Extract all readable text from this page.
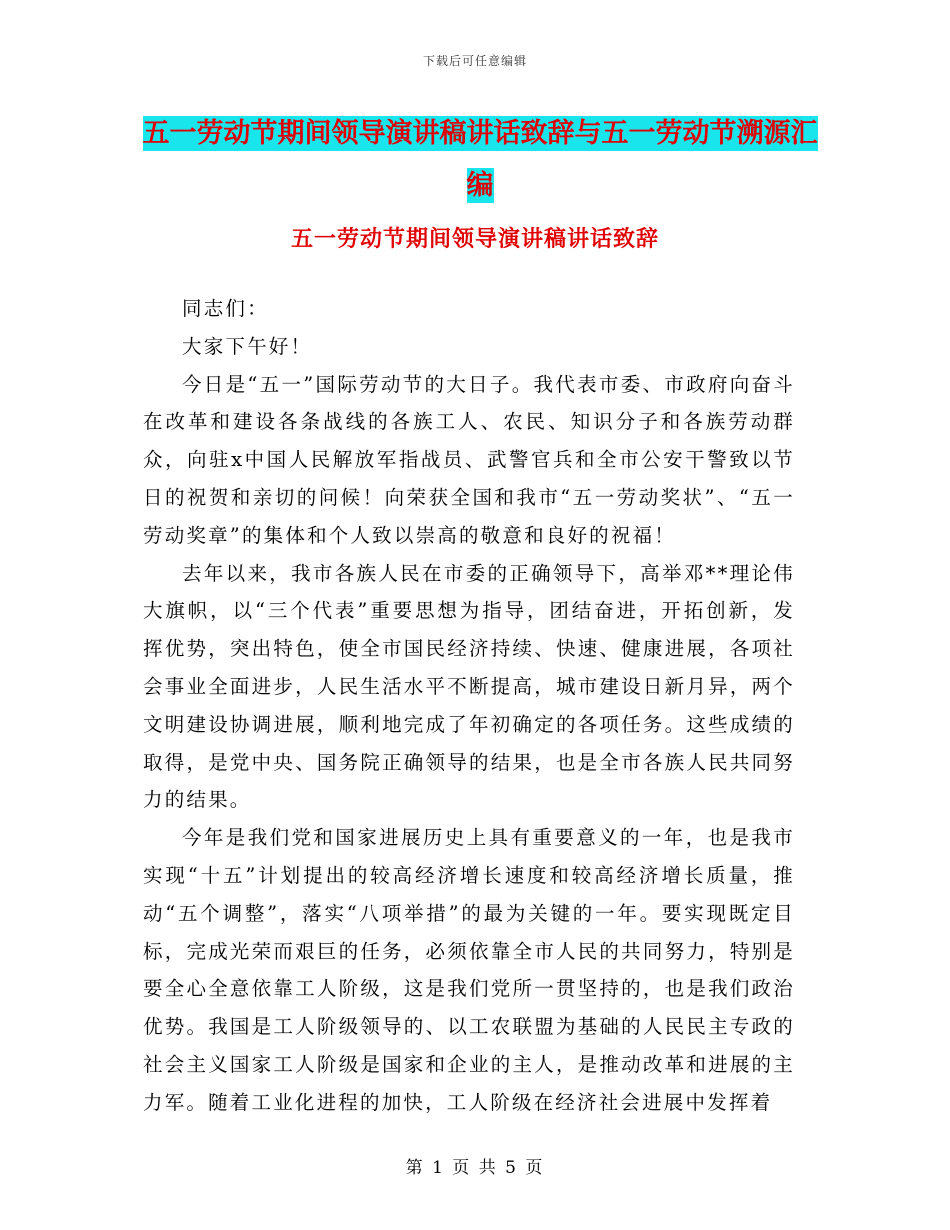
下载后可任意编辑
五一劳动节期间领导演讲稿讲话致辞与五一劳动节溯源汇编
五一劳动节期间领导演讲稿讲话致辞

同志们：

大家下午好！

今日是“五一”国际劳动节的大日子。我代表市委、市政府向奋斗在改革和建设各条战线的各族工人、农民、知识分子和各族劳动群众，向驻x中国人民解放军指战员、武警官兵和全市公安干警致以节日的祝贺和亲切的问候！向荣获全国和我市“五一劳动奖状”、“五一劳动奖章”的集体和个人致以崇高的敬意和良好的祝福！

去年以来，我市各族人民在市委的正确领导下，高举邓**理论伟大旗帜，以“三个代表”重要思想为指导，团结奋进，开拓创新，发挥优势，突出特色，使全市国民经济持续、快速、健康进展，各项社会事业全面进步，人民生活水平不断提高，城市建设日新月异，两个文明建设协调进展，顺利地完成了年初确定的各项任务。这些成绩的取得，是党中央、国务院正确领导的结果，也是全市各族人民共同努力的结果。

今年是我们党和国家进展历史上具有重要意义的一年，也是我市实现“十五”计划提出的较高经济增长速度和较高经济增长质量，推动“五个调整”，落实“八项举措”的最为关键的一年。要实现既定目标，完成光荣而艰巨的任务，必须依靠全市人民的共同努力，特别是要全心全意依靠工人阶级，这是我们党所一贯坚持的，也是我们政治优势。我国是工人阶级领导的、以工农联盟为基础的人民民主专政的社会主义国家工人阶级是国家和企业的主人，是推动改革和进展的主力军。随着工业化进程的加快，工人阶级在经济社会进展中发挥着

第 1 页 共 5 页
